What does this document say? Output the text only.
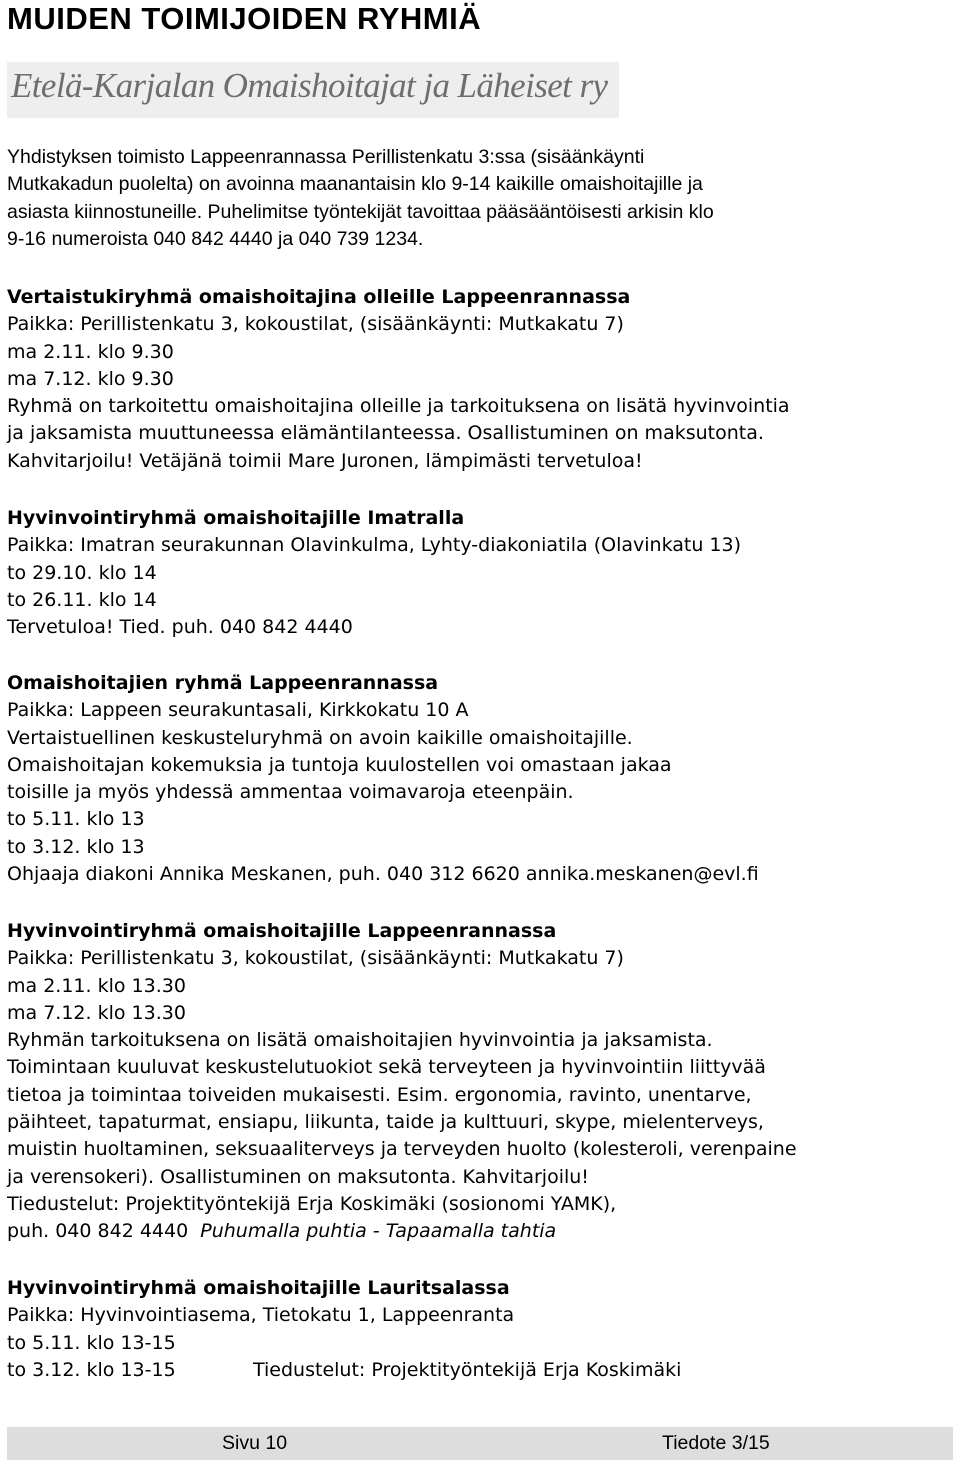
MUIDEN TOIMIJOIDEN RYHMIÄ
Etelä-Karjalan Omaishoitajat ja Läheiset ry

Yhdistyksen toimisto Lappeenrannassa Perillistenkatu 3:ssa (sisäänkäynti

Mutkakadun puolelta) on avoinna maanantaisin klo 9-14 kaikille omaishoitajille ja

asiasta kiinnostuneille. Puhelimitse työntekijät tavoittaa pääsääntöisesti arkisin klo

9-16 numeroista 040 842 4440 ja 040 739 1234.

Vertaistukiryhmä omaishoitajina olleille Lappeenrannassa

Paikka: Perillistenkatu 3, kokoustilat, (sisäänkäynti: Mutkakatu 7)

ma 2.11. klo 9.30

ma 7.12. klo 9.30

Ryhmä on tarkoitettu omaishoitajina olleille ja tarkoituksena on lisätä hyvinvointia

ja jaksamista muuttuneessa elämäntilanteessa. Osallistuminen on maksutonta.

Kahvitarjoilu! Vetäjänä toimii Mare Juronen, lämpimästi tervetuloa!

Hyvinvointiryhmä omaishoitajille Imatralla

Paikka: Imatran seurakunnan Olavinkulma, Lyhty-diakoniatila (Olavinkatu 13)

to 29.10. klo 14

to 26.11. klo 14

Tervetuloa! Tied. puh. 040 842 4440

Omaishoitajien ryhmä Lappeenrannassa

Paikka: Lappeen seurakuntasali, Kirkkokatu 10 A

Vertaistuellinen keskusteluryhmä on avoin kaikille omaishoitajille.

Omaishoitajan kokemuksia ja tuntoja kuulostellen voi omastaan jakaa

toisille ja myös yhdessä ammentaa voimavaroja eteenpäin.

to 5.11. klo 13

to 3.12. klo 13

Ohjaaja diakoni Annika Meskanen, puh. 040 312 6620 annika.meskanen@evl.fi

Hyvinvointiryhmä omaishoitajille Lappeenrannassa

Paikka: Perillistenkatu 3, kokoustilat, (sisäänkäynti: Mutkakatu 7)

ma 2.11. klo 13.30

ma 7.12. klo 13.30

Ryhmän tarkoituksena on lisätä omaishoitajien hyvinvointia ja jaksamista.

Toimintaan kuuluvat keskustelutuokiot sekä terveyteen ja hyvinvointiin liittyvää

tietoa ja toimintaa toiveiden mukaisesti. Esim. ergonomia, ravinto, unentarve,

päihteet, tapaturmat, ensiapu, liikunta, taide ja kulttuuri, skype, mielenterveys,

muistin huoltaminen, seksuaaliterveys ja terveyden huolto (kolesteroli, verenpaine

ja verensokeri). Osallistuminen on maksutonta. Kahvitarjoilu!

Tiedustelut: Projektityöntekijä Erja Koskimäki (sosionomi YAMK),

puh. 040 842 4440  Puhumalla puhtia - Tapaamalla tahtia

Hyvinvointiryhmä omaishoitajille Lauritsalassa

Paikka: Hyvinvointiasema, Tietokatu 1, Lappeenranta

to 5.11. klo 13-15

to 3.12. klo 13-15	Tiedustelut: Projektityöntekijä Erja Koskimäki

Sivu 10	Tiedote 3/15
